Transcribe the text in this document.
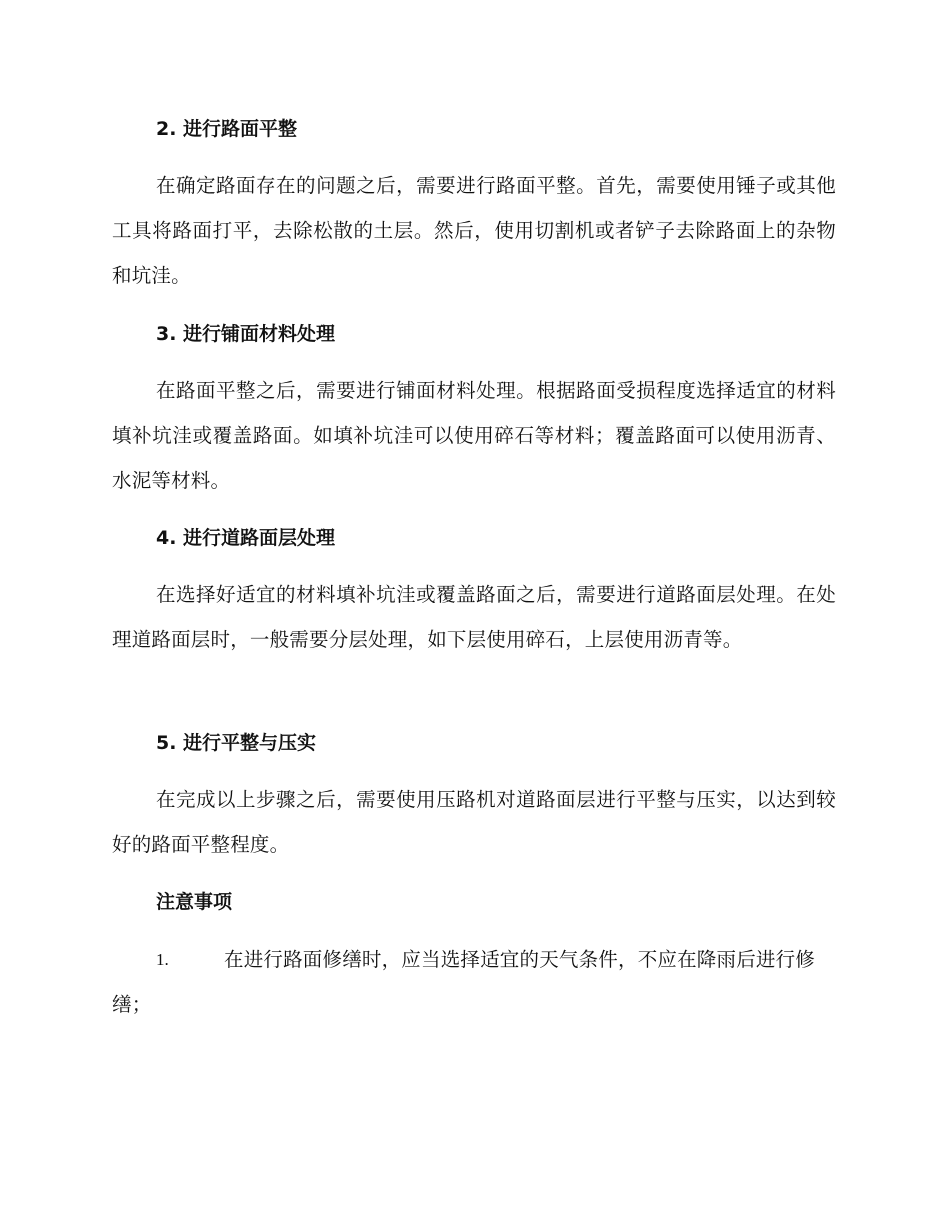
2. 进行路面平整

在确定路面存在的问题之后，需要进行路面平整。首先，需要使用锤子或其他工具将路面打平，去除松散的土层。然后，使用切割机或者铲子去除路面上的杂物和坑洼。

3. 进行铺面材料处理

在路面平整之后，需要进行铺面材料处理。根据路面受损程度选择适宜的材料填补坑洼或覆盖路面。如填补坑洼可以使用碎石等材料；覆盖路面可以使用沥青、水泥等材料。

4. 进行道路面层处理

在选择好适宜的材料填补坑洼或覆盖路面之后，需要进行道路面层处理。在处理道路面层时，一般需要分层处理，如下层使用碎石，上层使用沥青等。

5. 进行平整与压实

在完成以上步骤之后，需要使用压路机对道路面层进行平整与压实，以达到较好的路面平整程度。

注意事项
1.	在进行路面修缮时，应当选择适宜的天气条件，不应在降雨后进行修缮；
